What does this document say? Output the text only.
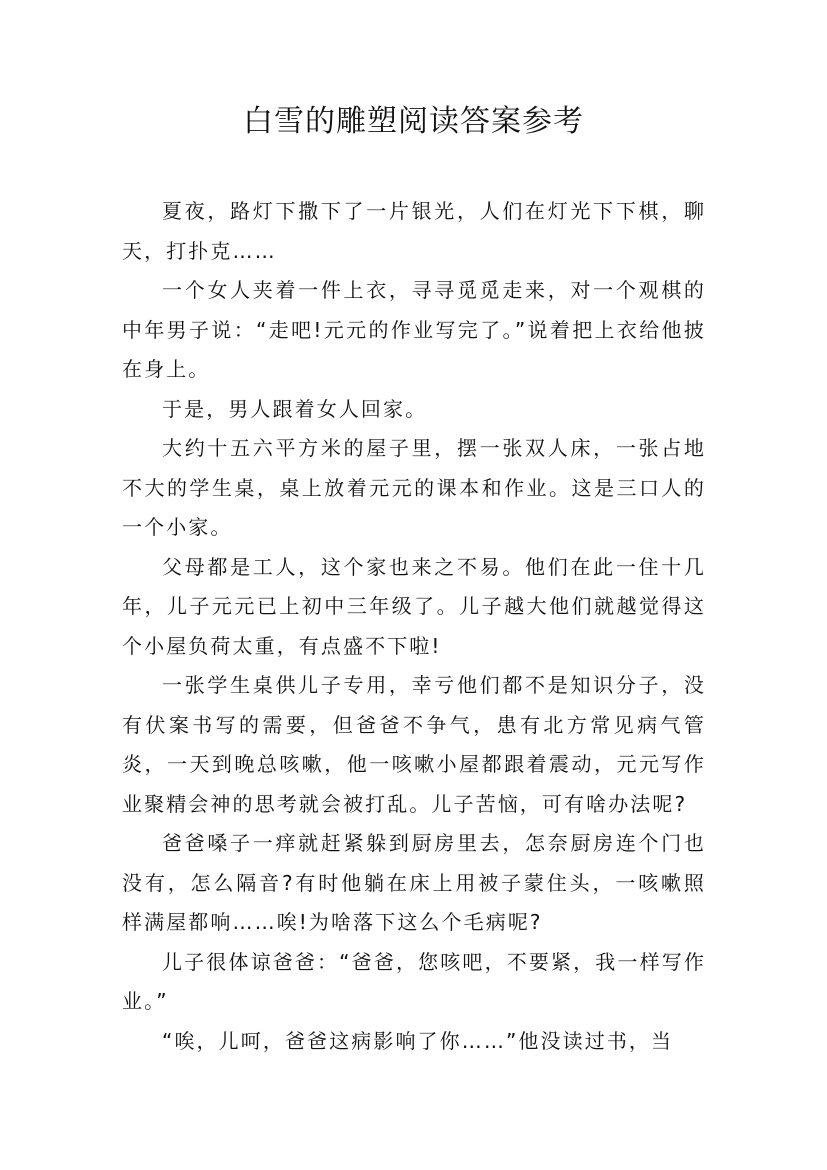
白雪的雕塑阅读答案参考

夏夜，路灯下撒下了一片银光，人们在灯光下下棋，聊天，打扑克……

一个女人夹着一件上衣，寻寻觅觅走来，对一个观棋的中年男子说：“走吧!元元的作业写完了。”说着把上衣给他披在身上。

于是，男人跟着女人回家。

大约十五六平方米的屋子里，摆一张双人床，一张占地不大的学生桌，桌上放着元元的课本和作业。这是三口人的一个小家。

父母都是工人，这个家也来之不易。他们在此一住十几年，儿子元元已上初中三年级了。儿子越大他们就越觉得这个小屋负荷太重，有点盛不下啦!

一张学生桌供儿子专用，幸亏他们都不是知识分子，没有伏案书写的需要，但爸爸不争气，患有北方常见病气管炎，一天到晚总咳嗽，他一咳嗽小屋都跟着震动，元元写作业聚精会神的思考就会被打乱。儿子苦恼，可有啥办法呢?

爸爸嗓子一痒就赶紧躲到厨房里去，怎奈厨房连个门也没有，怎么隔音?有时他躺在床上用被子蒙住头，一咳嗽照样满屋都响……唉!为啥落下这么个毛病呢?

儿子很体谅爸爸：“爸爸，您咳吧，不要紧，我一样写作业。”

“唉，儿呵，爸爸这病影响了你……”他没读过书，当
